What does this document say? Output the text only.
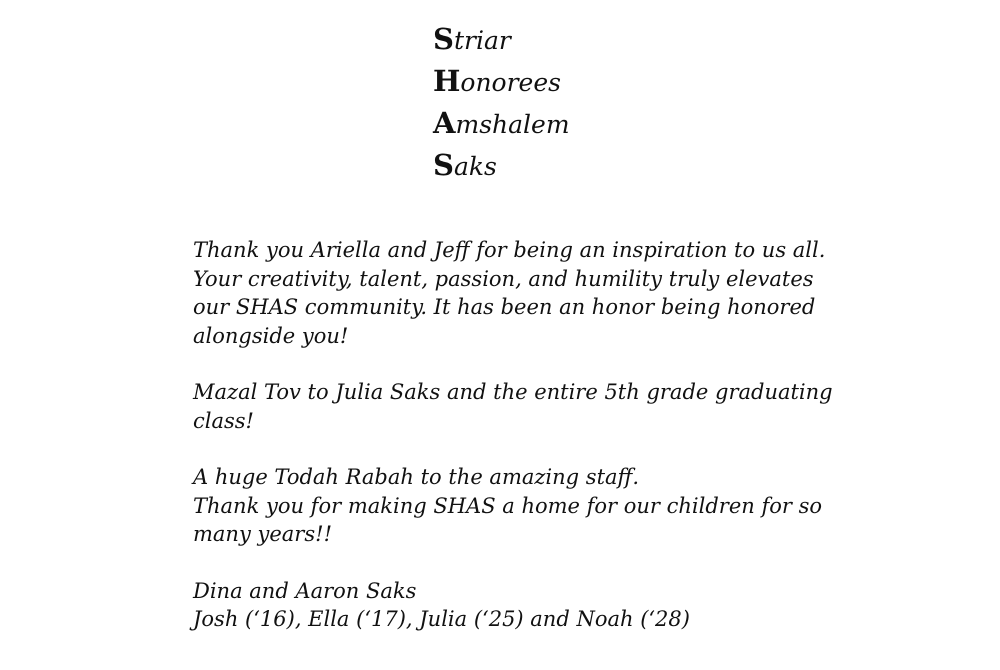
Striar
Honorees
Amshalem
Saks

Thank you Ariella and Jeff for being an inspiration to us all.
Your creativity, talent, passion, and humility truly elevates
our SHAS community. It has been an honor being honored
alongside you!

Mazal Tov to Julia Saks and the entire 5th grade graduating
class!

A huge Todah Rabah to the amazing staff.
Thank you for making SHAS a home for our children for so
many years!!

Dina and Aaron Saks
Josh (‘16), Ella (‘17), Julia (‘25) and Noah (‘28)
